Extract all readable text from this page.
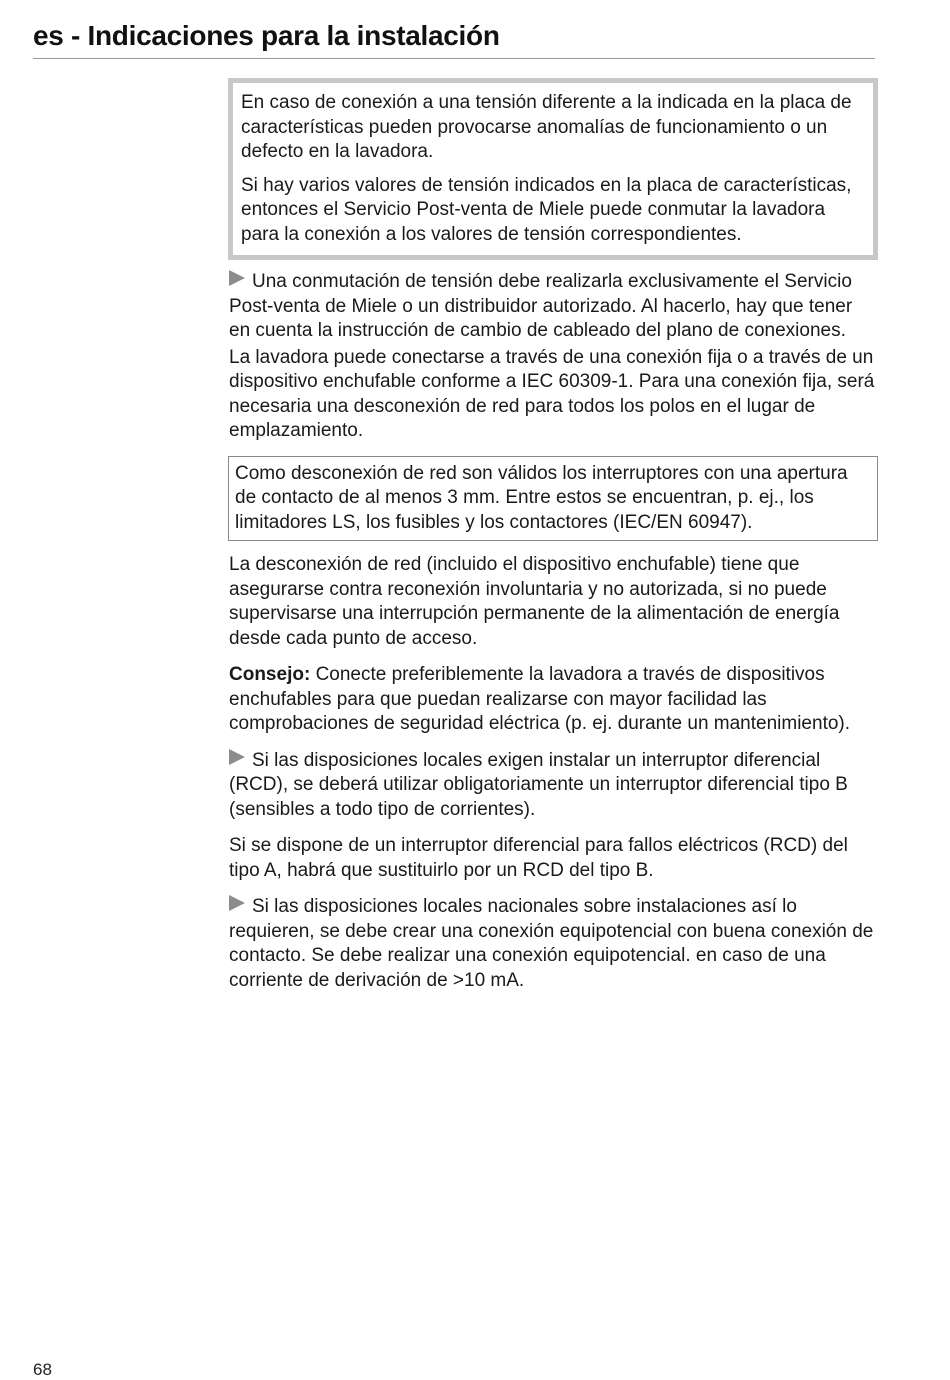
es - Indicaciones para la instalación

En caso de conexión a una tensión diferente a la indicada en la placa de características pueden provocarse anomalías de funcionamiento o un defecto en la lavadora.

Si hay varios valores de tensión indicados en la placa de características, entonces el Servicio Post-venta de Miele puede conmutar la lavadora para la conexión a los valores de tensión correspondientes.

Una conmutación de tensión debe realizarla exclusivamente el Servicio Post-venta de Miele o un distribuidor autorizado. Al hacerlo, hay que tener en cuenta la instrucción de cambio de cableado del plano de conexiones.

La lavadora puede conectarse a través de una conexión fija o a través de un dispositivo enchufable conforme a IEC 60309-1. Para una conexión fija, será necesaria una desconexión de red para todos los polos en el lugar de emplazamiento.

Como desconexión de red son válidos los interruptores con una apertura de contacto de al menos 3 mm. Entre estos se encuentran, p. ej., los limitadores LS, los fusibles y los contactores (IEC/EN 60947).

La desconexión de red (incluido el dispositivo enchufable) tiene que asegurarse contra reconexión involuntaria y no autorizada, si no puede supervisarse una interrupción permanente de la alimentación de energía desde cada punto de acceso.

Consejo: Conecte preferiblemente la lavadora a través de dispositivos enchufables para que puedan realizarse con mayor facilidad las comprobaciones de seguridad eléctrica (p. ej. durante un mantenimiento).

Si las disposiciones locales exigen instalar un interruptor diferencial (RCD), se deberá utilizar obligatoriamente un interruptor diferencial tipo B (sensibles a todo tipo de corrientes).

Si se dispone de un interruptor diferencial para fallos eléctricos (RCD) del tipo A, habrá que sustituirlo por un RCD del tipo B.

Si las disposiciones locales nacionales sobre instalaciones así lo requieren, se debe crear una conexión equipotencial con buena conexión de contacto. Se debe realizar una conexión equipotencial. en caso de una corriente de derivación de >10 mA.

68
